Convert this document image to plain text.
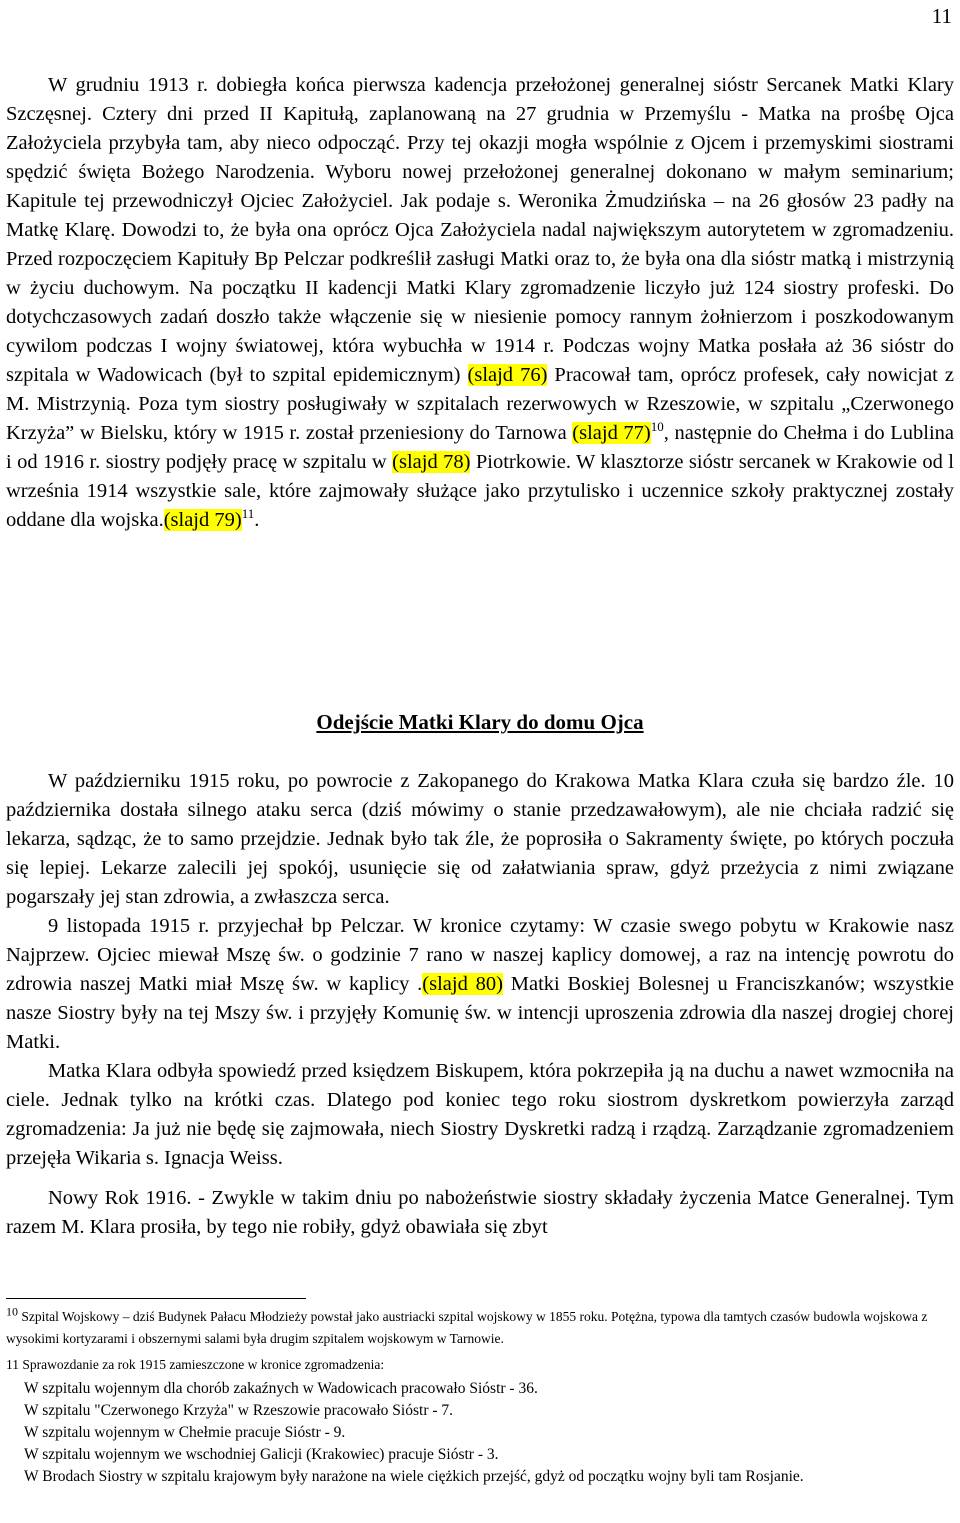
11

W grudniu 1913 r. dobiegła końca pierwsza kadencja przełożonej generalnej sióstr Sercanek Matki Klary Szczęsnej. Cztery dni przed II Kapitułą, zaplanowaną na 27 grudnia w Przemyślu - Matka na prośbę Ojca Założyciela przybyła tam, aby nieco odpocząć. Przy tej okazji mogła wspólnie z Ojcem i przemyskimi siostrami spędzić święta Bożego Narodzenia. Wyboru nowej przełożonej generalnej dokonano w małym seminarium; Kapitule tej przewodniczył Ojciec Założyciel. Jak podaje s. Weronika Żmudzińska – na 26 głosów 23 padły na Matkę Klarę. Dowodzi to, że była ona oprócz Ojca Założyciela nadal największym autorytetem w zgromadzeniu. Przed rozpoczęciem Kapituły Bp Pelczar podkreślił zasługi Matki oraz to, że była ona dla sióstr matką i mistrzynią w życiu duchowym. Na początku II kadencji Matki Klary zgromadzenie liczyło już 124 siostry profeski. Do dotychczasowych zadań doszło także włączenie się w niesienie pomocy rannym żołnierzom i poszkodowanym cywilom podczas I wojny światowej, która wybuchła w 1914 r. Podczas wojny Matka posłała aż 36 sióstr do szpitala w Wadowicach (był to szpital epidemicznym) (slajd 76) Pracował tam, oprócz profesek, cały nowicjat z M. Mistrzynią. Poza tym siostry posługiwały w szpitalach rezerwowych w Rzeszowie, w szpitalu „Czerwonego Krzyża” w Bielsku, który w 1915 r. został przeniesiony do Tarnowa (slajd 77)$^{10}$, następnie do Chełma i do Lublina i od 1916 r. siostry podjęły pracę w szpitalu w (slajd 78) Piotrkowie. W klasztorze sióstr sercanek w Krakowie od l września 1914 wszystkie sale, które zajmowały służące jako przytulisko i uczennice szkoły praktycznej zostały oddane dla wojska.(slajd 79)$^{11}$.

Odejście Matki Klary do domu Ojca

W październiku 1915 roku, po powrocie z Zakopanego do Krakowa Matka Klara czuła się bardzo źle. 10 października dostała silnego ataku serca (dziś mówimy o stanie przedzawałowym), ale nie chciała radzić się lekarza, sądząc, że to samo przejdzie. Jednak było tak źle, że poprosiła o Sakramenty święte, po których poczuła się lepiej. Lekarze zalecili jej spokój, usunięcie się od załatwiania spraw, gdyż przeżycia z nimi związane pogarszały jej stan zdrowia, a zwłaszcza serca.

9 listopada 1915 r. przyjechał bp Pelczar. W kronice czytamy: W czasie swego pobytu w Krakowie nasz Najprzew. Ojciec miewał Mszę św. o godzinie 7 rano w naszej kaplicy domowej, a raz na intencję powrotu do zdrowia naszej Matki miał Mszę św. w kaplicy .(slajd 80) Matki Boskiej Bolesnej u Franciszkanów; wszystkie nasze Siostry były na tej Mszy św. i przyjęły Komunię św. w intencji uproszenia zdrowia dla naszej drogiej chorej Matki.

Matka Klara odbyła spowiedź przed księdzem Biskupem, która pokrzepiła ją na duchu a nawet wzmocniła na ciele. Jednak tylko na krótki czas. Dlatego pod koniec tego roku siostrom dyskretkom powierzyła zarząd zgromadzenia: Ja już nie będę się zajmowała, niech Siostry Dyskretki radzą i rządzą. Zarządzanie zgromadzeniem przejęła Wikaria s. Ignacja Weiss.

Nowy Rok 1916. - Zwykle w takim dniu po nabożeństwie siostry składały życzenia Matce Generalnej. Tym razem M. Klara prosiła, by tego nie robiły, gdyż obawiała się zbyt

10 Szpital Wojskowy – dziś Budynek Pałacu Młodzieży powstał jako austriacki szpital wojskowy w 1855 roku. Potężna, typowa dla tamtych czasów budowla wojskowa z wysokimi kortyzarami i obszernymi salami była drugim szpitalem wojskowym w Tarnowie.
11 Sprawozdanie za rok 1915 zamieszczone w kronice zgromadzenia:
W szpitalu wojennym dla chorób zakaźnych w Wadowicach pracowało Sióstr - 36.
W szpitalu "Czerwonego Krzyża" w Rzeszowie pracowało Sióstr - 7.
W szpitalu wojennym w Chełmie pracuje Sióstr - 9.
W szpitalu wojennym we wschodniej Galicji (Krakowiec) pracuje Sióstr - 3.
W Brodach Siostry w szpitalu krajowym były narażone na wiele ciężkich przejść, gdyż od początku wojny byli tam Rosjanie.
